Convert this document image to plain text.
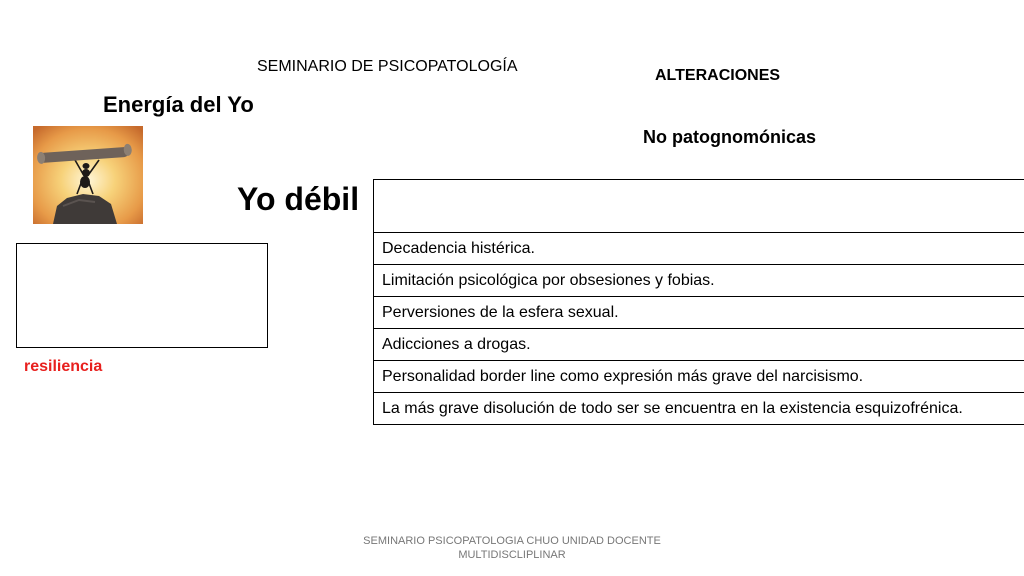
SEMINARIO DE PSICOPATOLOGÍA
ALTERACIONES
Energía del Yo
No patognomónicas
Yo débil
resiliencia

Decadencia histérica.
Limitación psicológica por obsesiones y fobias.
Perversiones de la esfera sexual.
Adicciones a drogas.
Personalidad border line como expresión más grave del narcisismo.
La más grave disolución de todo ser se encuentra en la existencia esquizofrénica.
SEMINARIO PSICOPATOLOGIA CHUO UNIDAD DOCENTE
MULTIDISCLIPLINAR
